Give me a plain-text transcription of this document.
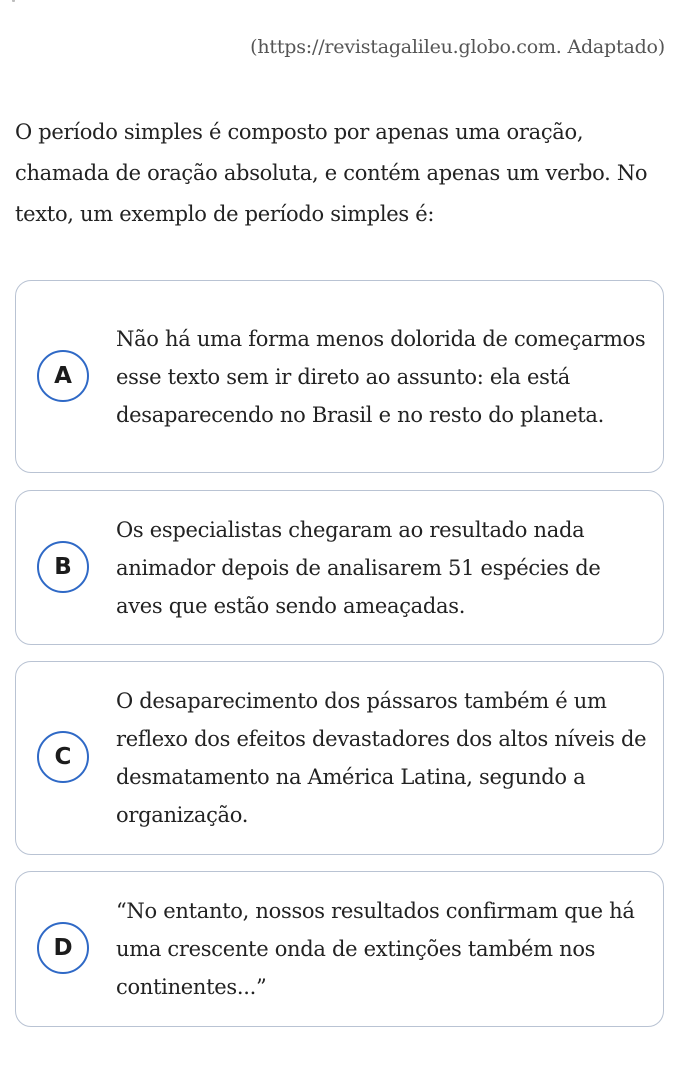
(https://revistagalileu.globo.com. Adaptado)

O período simples é composto por apenas uma oração, chamada de oração absoluta, e contém apenas um verbo. No texto, um exemplo de período simples é:

A
Não há uma forma menos dolorida de começarmos esse texto sem ir direto ao assunto: ela está desaparecendo no Brasil e no resto do planeta.
B
Os especialistas chegaram ao resultado nada animador depois de analisarem 51 espécies de aves que estão sendo ameaçadas.
C
O desaparecimento dos pássaros também é um reflexo dos efeitos devastadores dos altos níveis de desmatamento na América Latina, segundo a organização.
D
“No entanto, nossos resultados confirmam que há uma crescente onda de extinções também nos continentes...”
